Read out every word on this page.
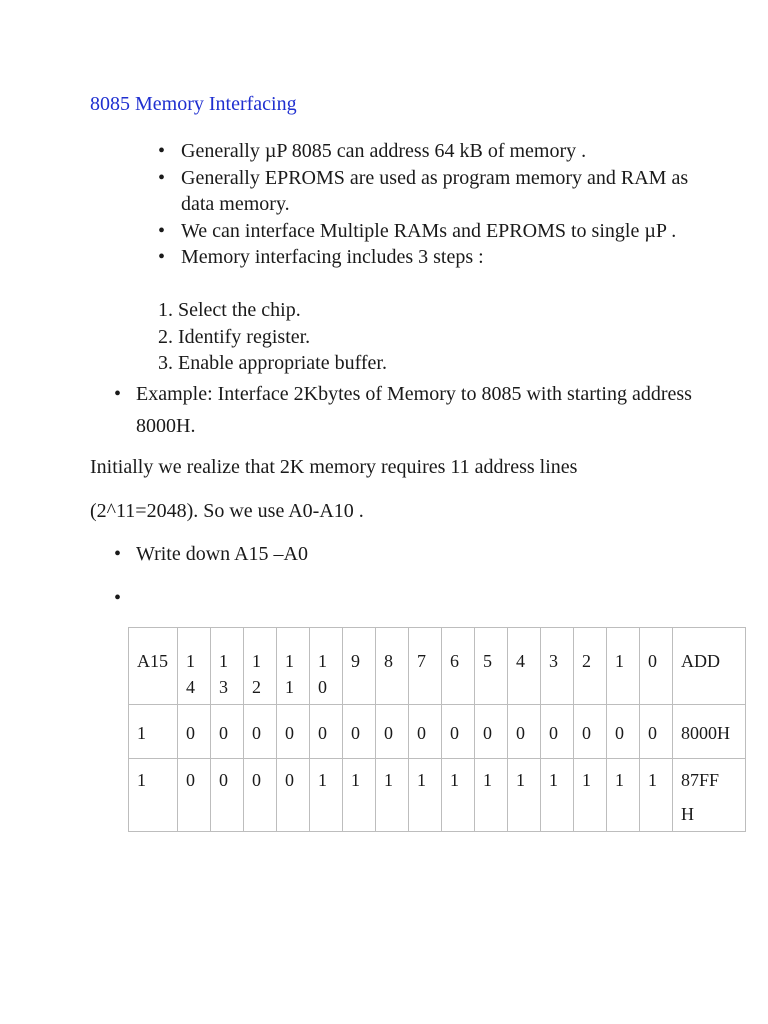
8085 Memory Interfacing
• Generally µP 8085 can address 64 kB of memory .
• Generally EPROMS are used as program memory and RAM as data memory.
• We can interface Multiple RAMs and EPROMS to single µP .
• Memory interfacing includes 3 steps :
1. Select the chip.
2. Identify register.
3. Enable appropriate buffer.
• Example: Interface 2Kbytes of Memory to 8085 with starting address 8000H.

Initially we realize that 2K memory requires 11 address lines

(2^11=2048). So we use A0-A10 .

• Write down A15 –A0
A15	14	13	12	11	10	9	8	7	6	5	4	3	2	1	0	ADD
1	0	0	0	0	0	0	0	0	0	0	0	0	0	0	0	8000H
1	0	0	0	0	1	1	1	1	1	1	1	1	1	1	1	87FF H
